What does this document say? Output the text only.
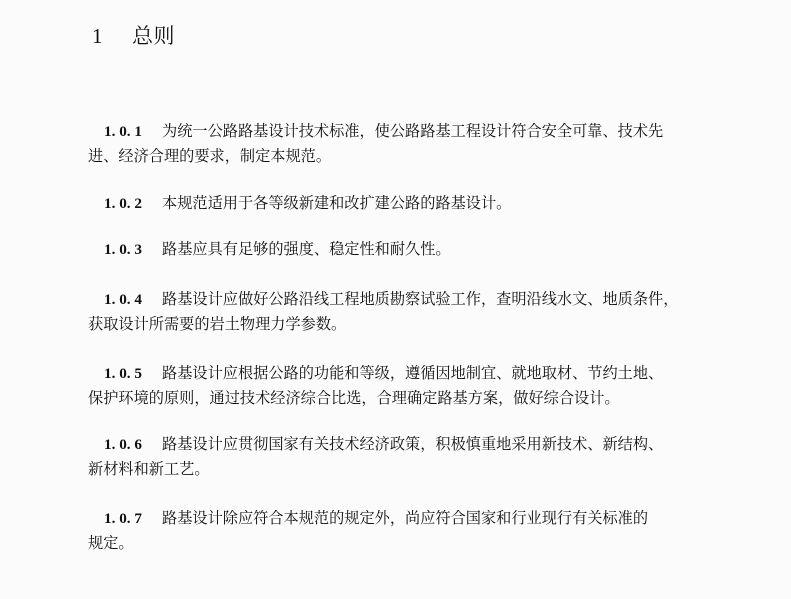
1 总则
1. 0. 1 为统一公路路基设计技术标准，使公路路基工程设计符合安全可靠、技术先
进、经济合理的要求，制定本规范。
1. 0. 2 本规范适用于各等级新建和改扩建公路的路基设计。
1. 0. 3 路基应具有足够的强度、稳定性和耐久性。
1. 0. 4 路基设计应做好公路沿线工程地质勘察试验工作，查明沿线水文、地质条件，
获取设计所需要的岩土物理力学参数。
1. 0. 5 路基设计应根据公路的功能和等级，遵循因地制宜、就地取材、节约土地、
保护环境的原则，通过技术经济综合比选，合理确定路基方案，做好综合设计。
1. 0. 6 路基设计应贯彻国家有关技术经济政策，积极慎重地采用新技术、新结构、
新材料和新工艺。
1. 0. 7 路基设计除应符合本规范的规定外，尚应符合国家和行业现行有关标准的
规定。
